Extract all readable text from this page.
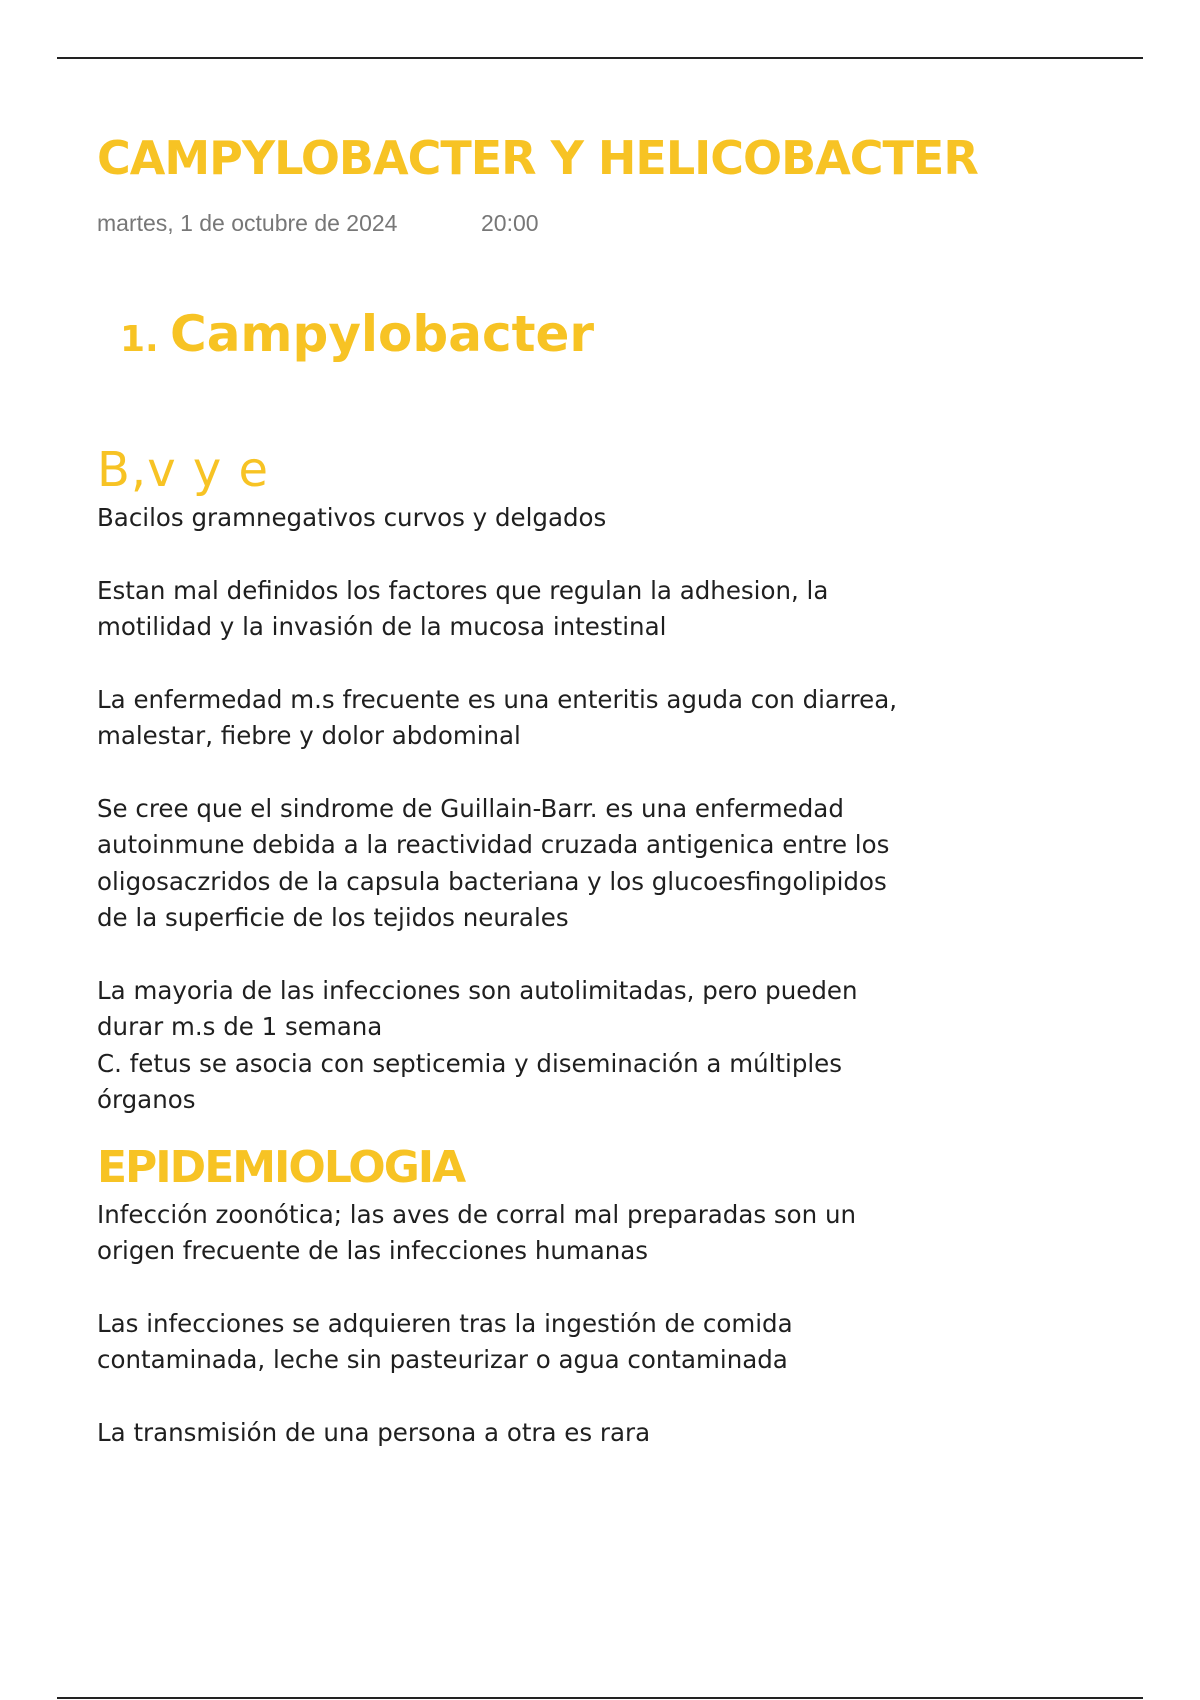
CAMPYLOBACTER Y HELICOBACTER
martes, 1 de octubre de 2024	20:00
1. Campylobacter
B,v y e

Bacilos gramnegativos curvos y delgados

Estan mal definidos los factores que regulan la adhesion, la motilidad y la invasión de la mucosa intestinal

La enfermedad m.s frecuente es una enteritis aguda con diarrea, malestar, fiebre y dolor abdominal

Se cree que el sindrome de Guillain-Barr. es una enfermedad autoinmune debida a la reactividad cruzada antigenica entre los oligosaczridos de la capsula bacteriana y los glucoesfingolipidos de la superficie de los tejidos neurales

La mayoria de las infecciones son autolimitadas, pero pueden durar m.s de 1 semana

C. fetus se asocia con septicemia y diseminación a múltiples órganos

EPIDEMIOLOGIA

Infección zoonótica; las aves de corral mal preparadas son un origen frecuente de las infecciones humanas

Las infecciones se adquieren tras la ingestión de comida contaminada, leche sin pasteurizar o agua contaminada

La transmisión de una persona a otra es rara
